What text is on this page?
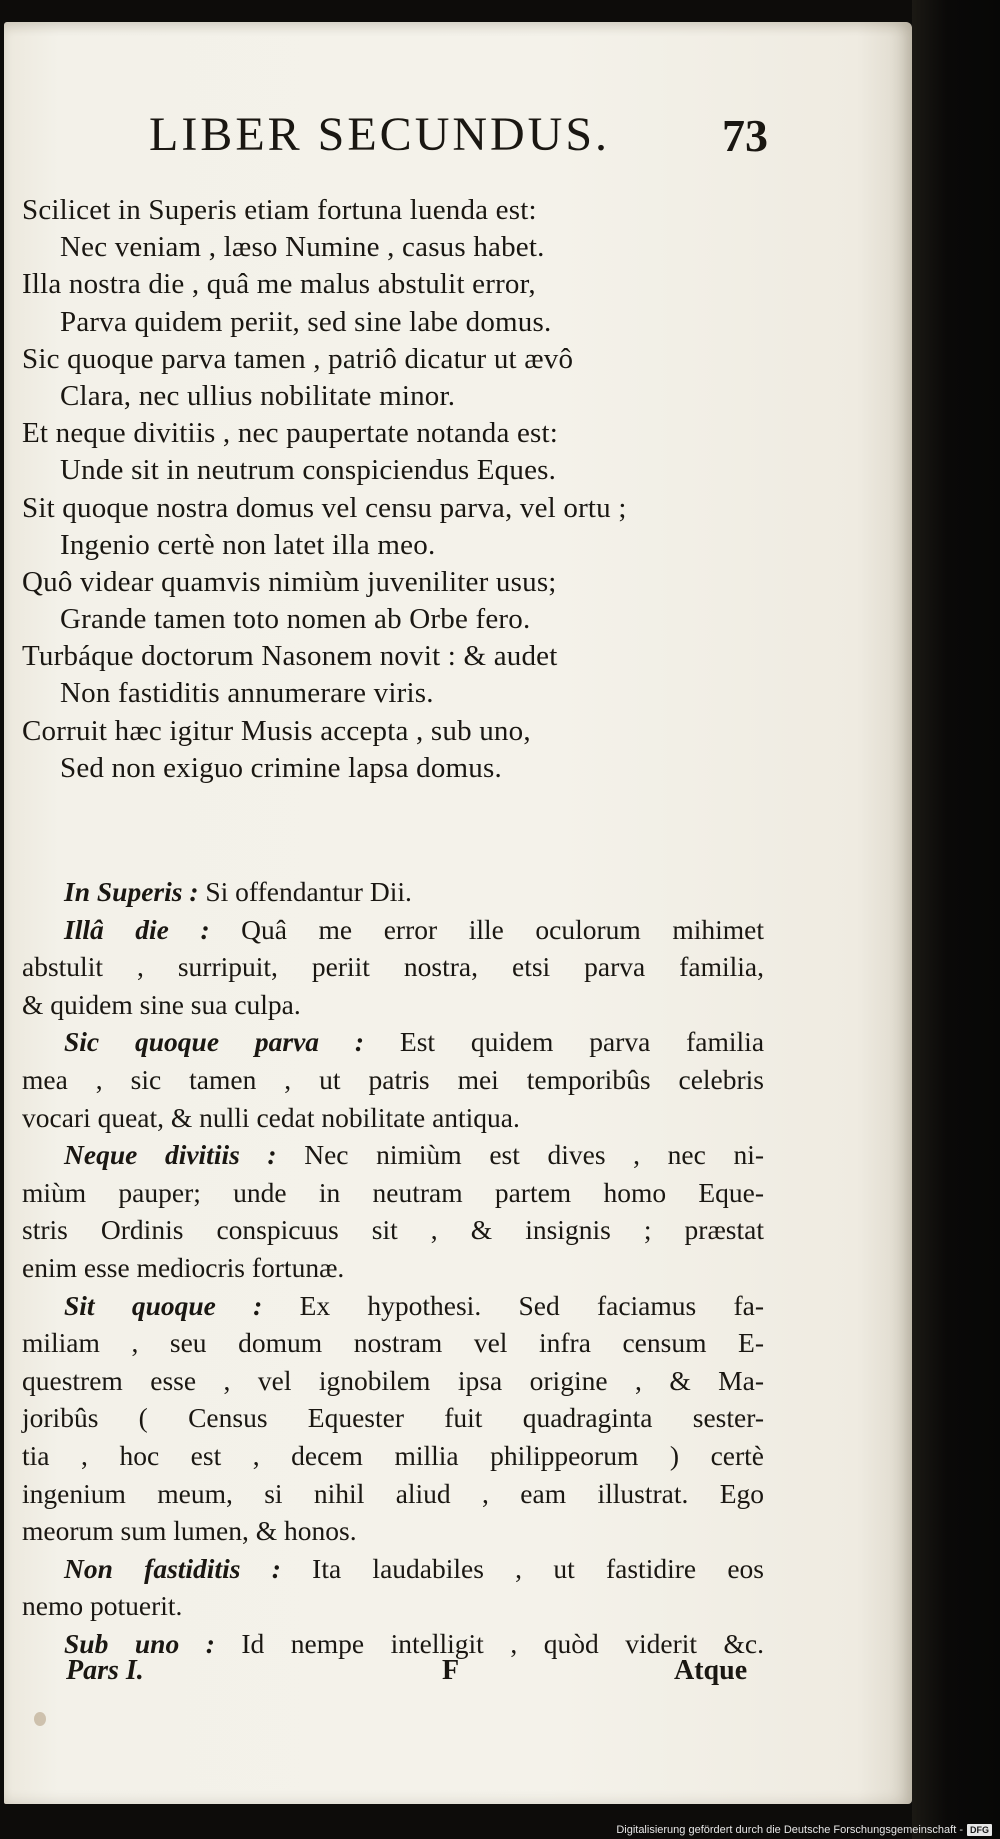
LIBER SECUNDUS. 73
Scilicet in Superis etiam fortuna luenda est:
Nec veniam , læso Numine , casus habet.
Illa nostra die , quâ me malus abstulit error,
Parva quidem periit, sed sine labe domus.
Sic quoque parva tamen , patriô dicatur ut ævô
Clara, nec ullius nobilitate minor.
Et neque divitiis , nec paupertate notanda est:
Unde sit in neutrum conspiciendus Eques.
Sit quoque nostra domus vel censu parva, vel ortu ;
Ingenio certè non latet illa meo.
Quô videar quamvis nimiùm juveniliter usus;
Grande tamen toto nomen ab Orbe fero.
Turbáque doctorum Nasonem novit : & audet
Non fastiditis annumerare viris.
Corruit hæc igitur Musis accepta , sub uno,
Sed non exiguo crimine lapsa domus.
In Superis : Si offendantur Dii.
Illâ die : Quâ me error ille oculorum mihimet
abstulit , surripuit, periit nostra, etsi parva familia,
& quidem sine sua culpa.
Sic quoque parva : Est quidem parva familia
mea , sic tamen , ut patris mei temporibûs celebris
vocari queat, & nulli cedat nobilitate antiqua.
Neque divitiis : Nec nimiùm est dives , nec ni-
miùm pauper; unde in neutram partem homo Eque-
stris Ordinis conspicuus sit , & insignis ; præstat
enim esse mediocris fortunæ.
Sit quoque : Ex hypothesi. Sed faciamus fa-
miliam , seu domum nostram vel infra censum E-
questrem esse , vel ignobilem ipsa origine , & Ma-
joribûs ( Census Equester fuit quadraginta sester-
tia , hoc est , decem millia philippeorum ) certè
ingenium meum, si nihil aliud , eam illustrat. Ego
meorum sum lumen, & honos.
Non fastiditis : Ita laudabiles , ut fastidire eos
nemo potuerit.
Sub uno : Id nempe intelligit , quòd viderit &c.
Pars I.	F	Atque
Digitalisierung gefördert durch die Deutsche Forschungsgemeinschaft - DFG
